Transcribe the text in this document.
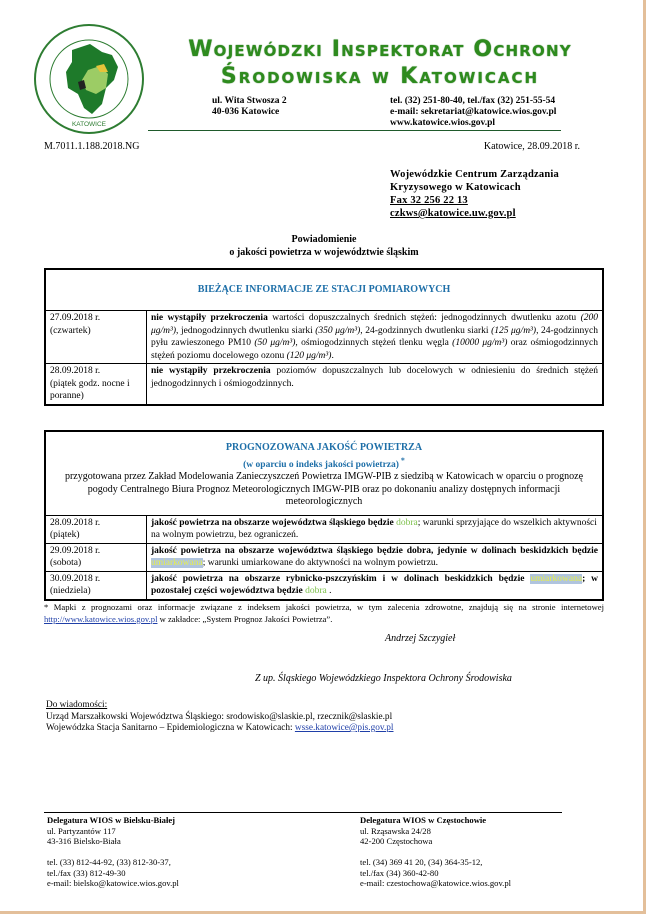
KATOWICE
Wojewódzki Inspektorat Ochrony
Środowiska w Katowicach
ul. Wita Stwosza 2
40-036 Katowice
tel. (32) 251-80-40, tel./fax (32) 251-55-54
e-mail: sekretariat@katowice.wios.gov.pl
www.katowice.wios.gov.pl
M.7011.1.188.2018.NG	Katowice, 28.09.2018 r.
Wojewódzkie Centrum Zarządzania
Kryzysowego w Katowicach
Fax 32 256 22 13
czkws@katowice.uw.gov.pl
Powiadomienie
o jakości powietrza w województwie śląskim
BIEŻĄCE INFORMACJE ZE STACJI POMIAROWYCH	

27.09.2018 r.
(czwartek)	nie wystąpiły przekroczenia wartości dopuszczalnych średnich stężeń: jednogodzinnych dwutlenku azotu (200 μg/m³), jednogodzinnych dwutlenku siarki (350 μg/m³), 24-godzinnych dwutlenku siarki (125 μg/m³), 24-godzinnych pyłu zawieszonego PM10 (50 μg/m³), ośmiogodzinnych stężeń tlenku węgla (10000 μg/m³) oraz ośmiogodzinnych stężeń poziomu docelowego ozonu (120 μg/m³).

28.09.2018 r.
(piątek godz. nocne i poranne)	nie wystąpiły przekroczenia poziomów dopuszczalnych lub docelowych w odniesieniu do średnich stężeń jednogodzinnych i ośmiogodzinnych.
PROGNOZOWANA JAKOŚĆ POWIETRZA
(w oparciu o indeks jakości powietrza) *
przygotowana przez Zakład Modelowania Zanieczyszczeń Powietrza IMGW-PIB z siedzibą w Katowicach w oparciu o prognozę pogody Centralnego Biura Prognoz Meteorologicznych IMGW-PIB oraz po dokonaniu analizy dostępnych informacji meteorologicznych	

28.09.2018 r.
(piątek)	jakość powietrza na obszarze województwa śląskiego będzie dobra; warunki sprzyjające do wszelkich aktywności na wolnym powietrzu, bez ograniczeń.

29.09.2018 r.
(sobota)	jakość powietrza na obszarze województwa śląskiego będzie dobra, jedynie w dolinach beskidzkich będzie umiarkowana; warunki umiarkowane do aktywności na wolnym powietrzu.

30.09.2018 r.
(niedziela)	jakość powietrza na obszarze rybnicko-pszczyńskim i w dolinach beskidzkich będzie umiarkowana; w pozostałej części województwa będzie dobra .
* Mapki z prognozami oraz informacje związane z indeksem jakości powietrza, w tym zalecenia zdrowotne, znajdują się na stronie internetowej http://www.katowice.wios.gov.pl w zakładce: „System Prognoz Jakości Powietrza”.
Andrzej Szczygieł
Z up. Śląskiego Wojewódzkiego Inspektora Ochrony Środowiska
Do wiadomości:
Urząd Marszałkowski Województwa Śląskiego: srodowisko@slaskie.pl, rzecznik@slaskie.pl
Wojewódzka Stacja Sanitarno – Epidemiologiczna w Katowicach: wsse.katowice@pis.gov.pl
Delegatura WIOS w Bielsku-Białej
ul. Partyzantów 117
43-316 Bielsko-Biała
tel. (33) 812-44-92, (33) 812-30-37,
tel./fax (33) 812-49-30
e-mail: bielsko@katowice.wios.gov.pl
Delegatura WIOS w Częstochowie
ul. Rząsawska 24/28
42-200 Częstochowa
tel. (34) 369 41 20, (34) 364-35-12,
tel./fax (34) 360-42-80
e-mail: czestochowa@katowice.wios.gov.pl
